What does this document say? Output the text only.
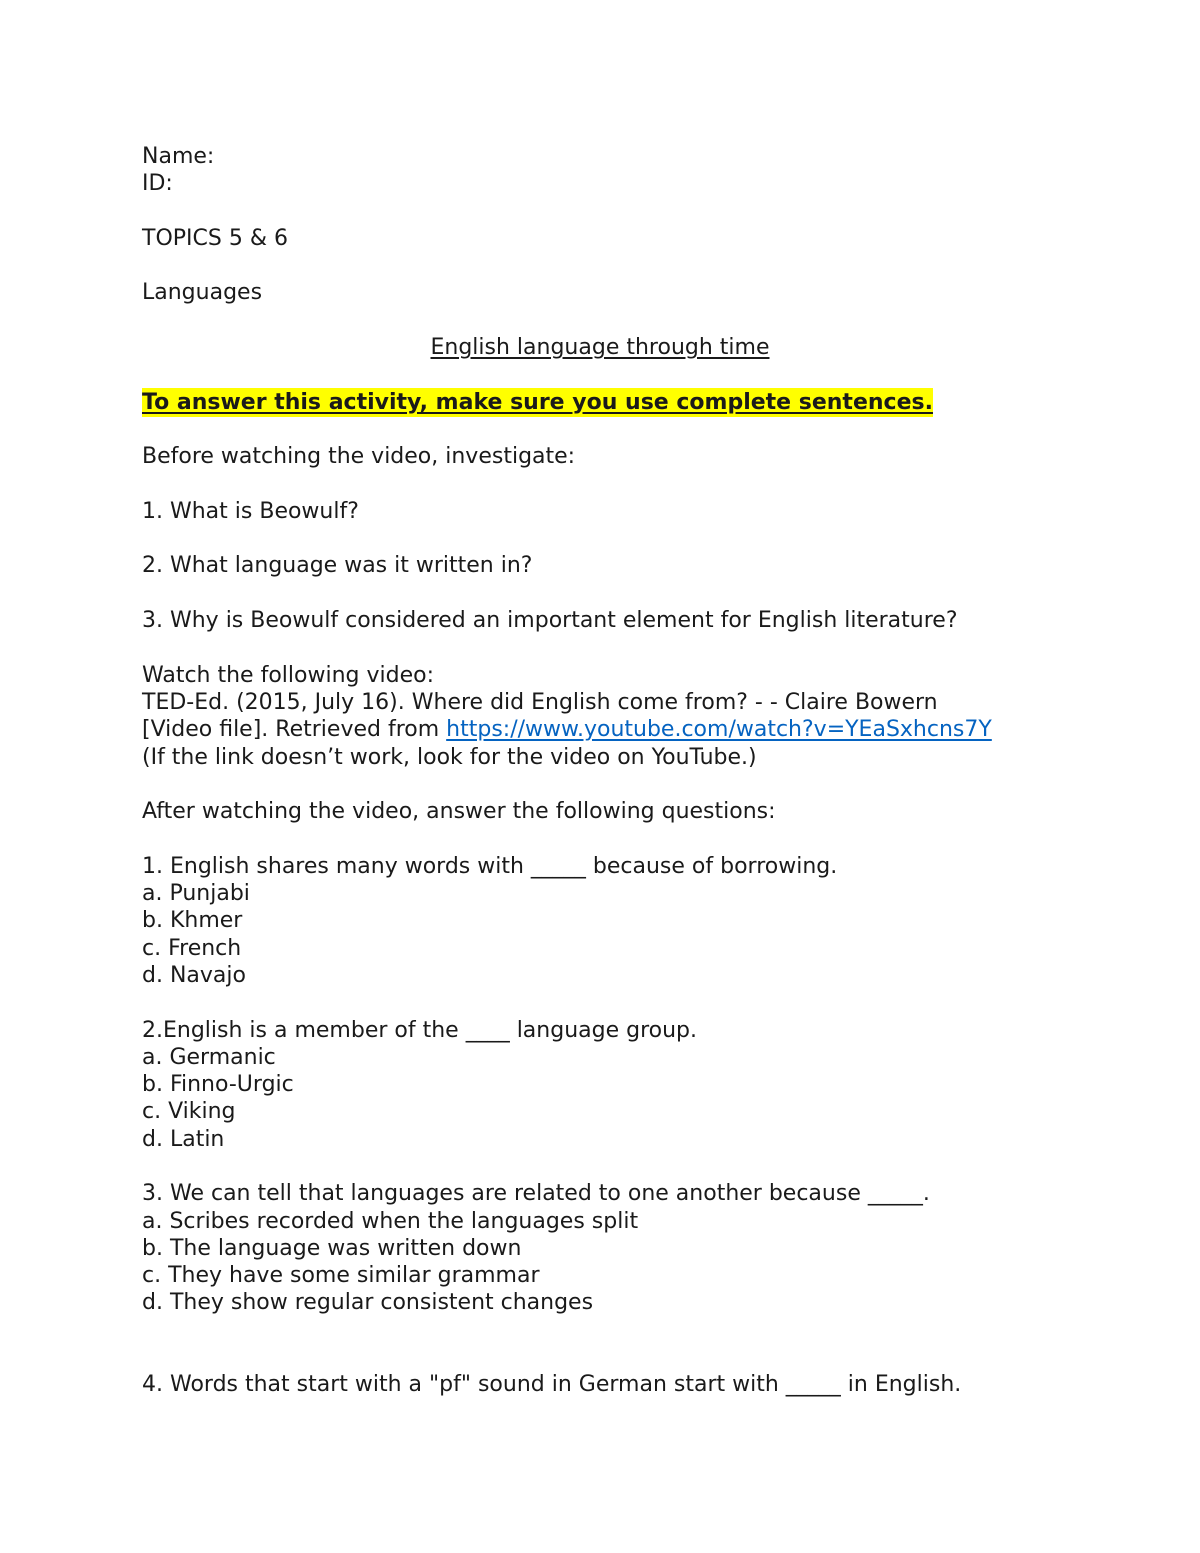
Name:
ID:
TOPICS 5 & 6
Languages
English language through time
To answer this activity, make sure you use complete sentences.
Before watching the video, investigate:
1. What is Beowulf?
2. What language was it written in?
3. Why is Beowulf considered an important element for English literature?
Watch the following video:
TED-Ed. (2015, July 16). Where did English come from? - - Claire Bowern
[Video file]. Retrieved from https://www.youtube.com/watch?v=YEaSxhcns7Y
(If the link doesn’t work, look for the video on YouTube.)
After watching the video, answer the following questions:
1. English shares many words with _____ because of borrowing.
a. Punjabi
b. Khmer
c. French
d. Navajo
2.English is a member of the ____ language group.
a. Germanic
b. Finno-Urgic
c. Viking
d. Latin
3. We can tell that languages are related to one another because _____.
a. Scribes recorded when the languages split
b. The language was written down
c. They have some similar grammar
d. They show regular consistent changes
4. Words that start with a "pf" sound in German start with _____ in English.
